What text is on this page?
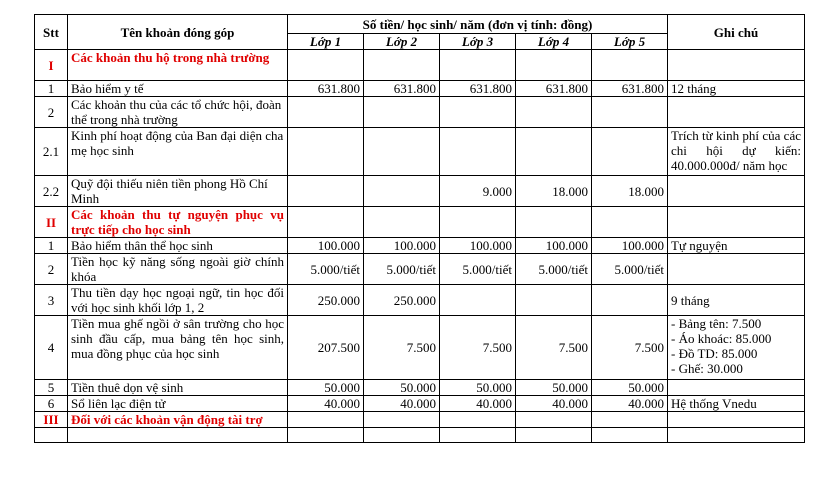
Stt	Tên khoản đóng góp	Số tiền/ học sinh/ năm (đơn vị tính: đồng)					Ghi chú
		Lớp 1	Lớp 2	Lớp 3	Lớp 4	Lớp 5	
I	Các khoản thu hộ trong nhà trường						
1	Bảo hiểm y tế	631.800	631.800	631.800	631.800	631.800	12 tháng
2	Các khoản thu của các tổ chức hội, đoàn thể trong nhà trường						
2.1	Kinh phí hoạt động của Ban đại diện cha mẹ học sinh						Trích từ kinh phí của các chi hội dự kiến: 40.000.000đ/ năm học
2.2	Quỹ đội thiếu niên tiền phong Hồ Chí Minh			9.000	18.000	18.000	
II	Các khoản thu tự nguyện phục vụ trực tiếp cho học sinh						
1	Bảo hiểm thân thể học sinh	100.000	100.000	100.000	100.000	100.000	Tự nguyện
2	Tiền học kỹ năng sống ngoài giờ chính khóa	5.000/tiết	5.000/tiết	5.000/tiết	5.000/tiết	5.000/tiết	
3	Thu tiền dạy học ngoại ngữ, tin học đối với học sinh khối lớp 1, 2	250.000	250.000				9 tháng
4	Tiền mua ghế ngồi ở sân trường cho học sinh đầu cấp, mua bảng tên học sinh, mua đồng phục của học sinh	207.500	7.500	7.500	7.500	7.500	- Bảng tên: 7.500
- Áo khoác: 85.000
- Đồ TD: 85.000
- Ghế: 30.000

5	Tiền thuê dọn vệ sinh	50.000	50.000	50.000	50.000	50.000	
6	Sổ liên lạc điện tử	40.000	40.000	40.000	40.000	40.000	Hệ thống Vnedu
III	Đối với các khoản vận động tài trợ						
